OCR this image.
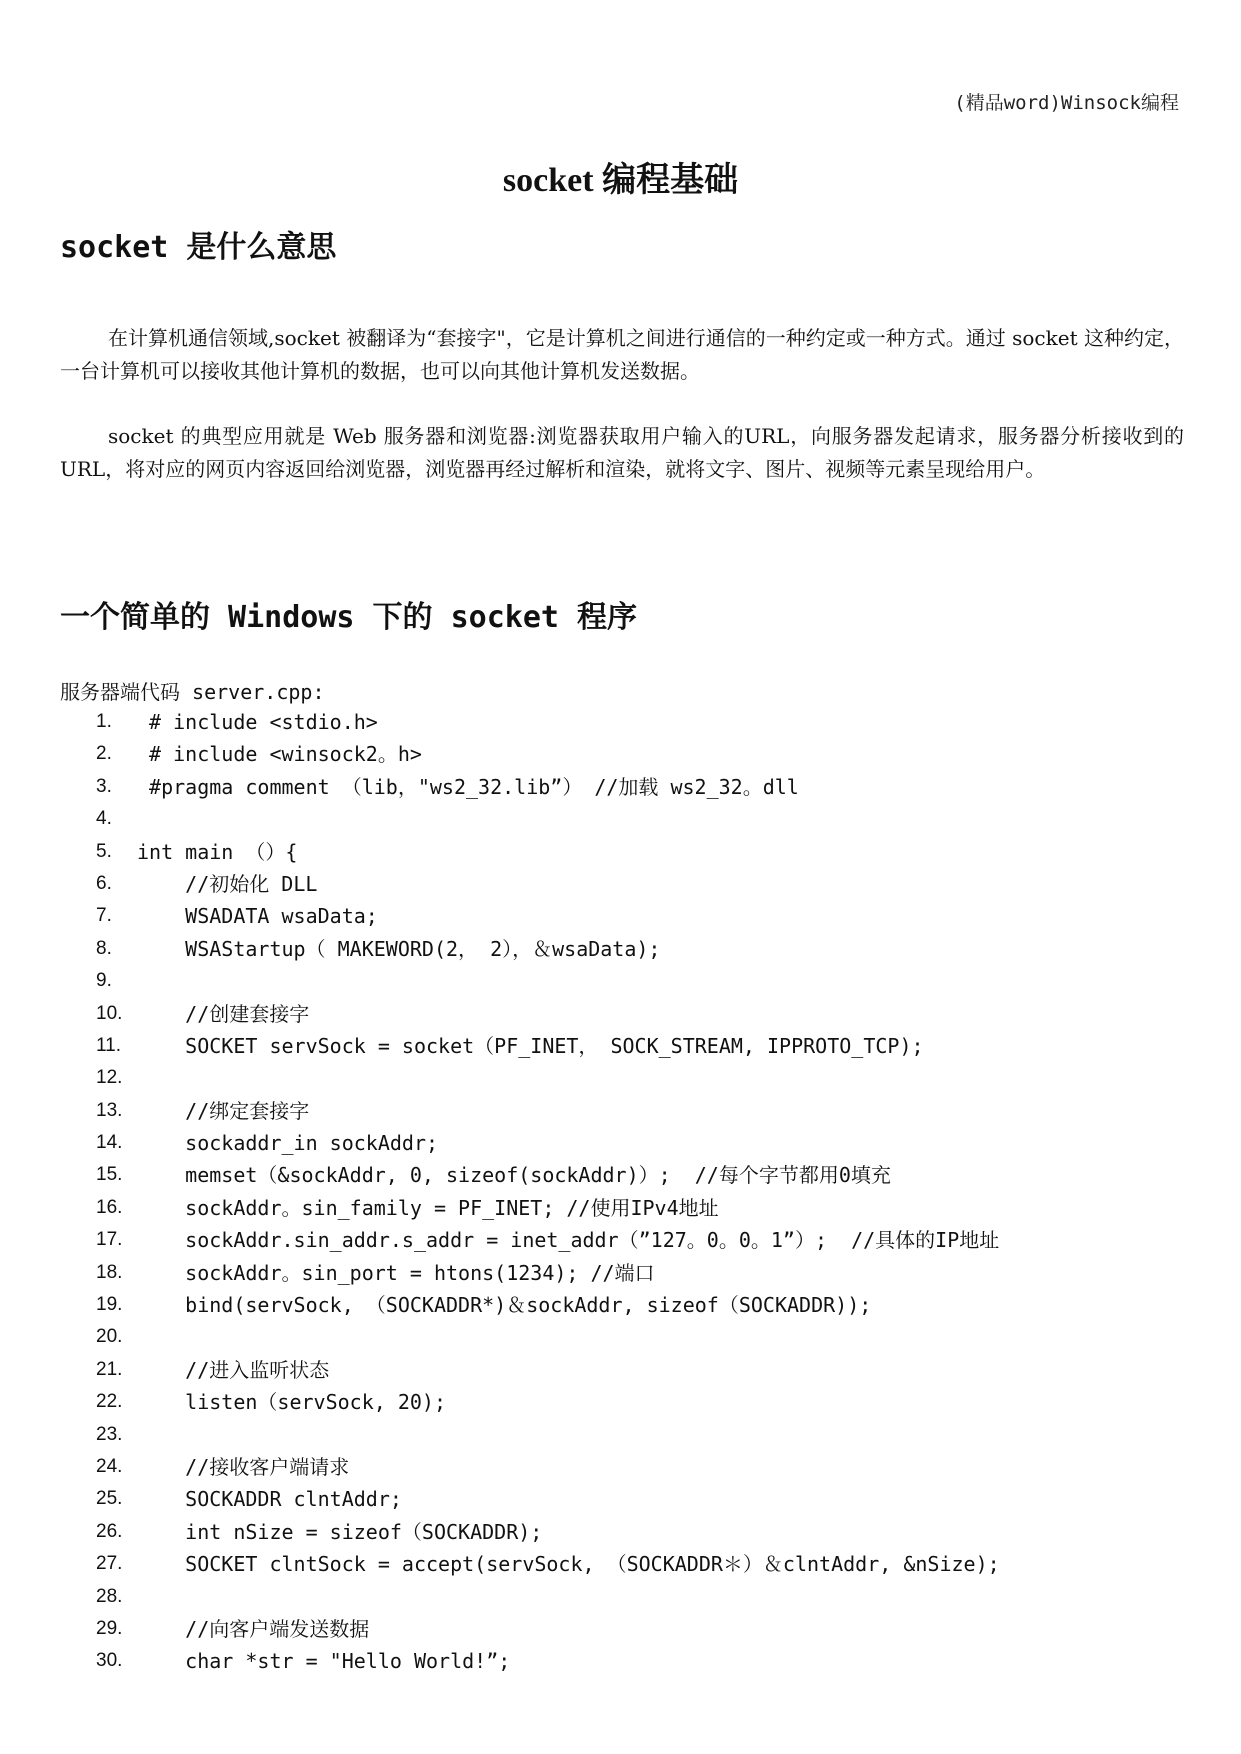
(精品word)Winsock编程
socket 编程基础
socket 是什么意思

在计算机通信领域,socket 被翻译为“套接字"，它是计算机之间进行通信的一种约定或一种方式。通过 socket 这种约定，一台计算机可以接收其他计算机的数据，也可以向其他计算机发送数据。

socket 的典型应用就是 Web 服务器和浏览器:浏览器获取用户输入的URL，向服务器发起请求，服务器分析接收到的URL，将对应的网页内容返回给浏览器，浏览器再经过解析和渲染，就将文字、图片、视频等元素呈现给用户。

一个简单的 Windows 下的 socket 程序

服务器端代码 server.cpp:

1.	# include <stdio.h>
2.	# include <winsock2。h>
3.	#pragma comment （lib，"ws2_32.lib”） //加载 ws2_32。dll
4.
5.	int main （）{
6.	//初始化 DLL
7.	WSADATA wsaData;
8.	WSAStartup（ MAKEWORD(2， 2），＆wsaData);
9.
10. //创建套接字
11. SOCKET servSock = socket（PF_INET， SOCK_STREAM, IPPROTO_TCP);
12.
13. //绑定套接字
14. sockaddr_in sockAddr;
15. memset（&sockAddr, 0, sizeof(sockAddr)）;  //每个字节都用0填充
16. sockAddr。sin_family = PF_INET; //使用IPv4地址
17. sockAddr.sin_addr.s_addr = inet_addr（”127。0。0。1”）;  //具体的IP地址
18. sockAddr。sin_port = htons(1234); //端口
19. bind(servSock, （SOCKADDR*)＆sockAddr, sizeof（SOCKADDR));
20.
21. //进入监听状态
22. listen（servSock, 20);
23.
24. //接收客户端请求
25. SOCKADDR clntAddr;
26. int nSize = sizeof（SOCKADDR);
27. SOCKET clntSock = accept(servSock, （SOCKADDR＊）＆clntAddr, &nSize);
28.
29. //向客户端发送数据
30. char *str = "Hello World!”;
